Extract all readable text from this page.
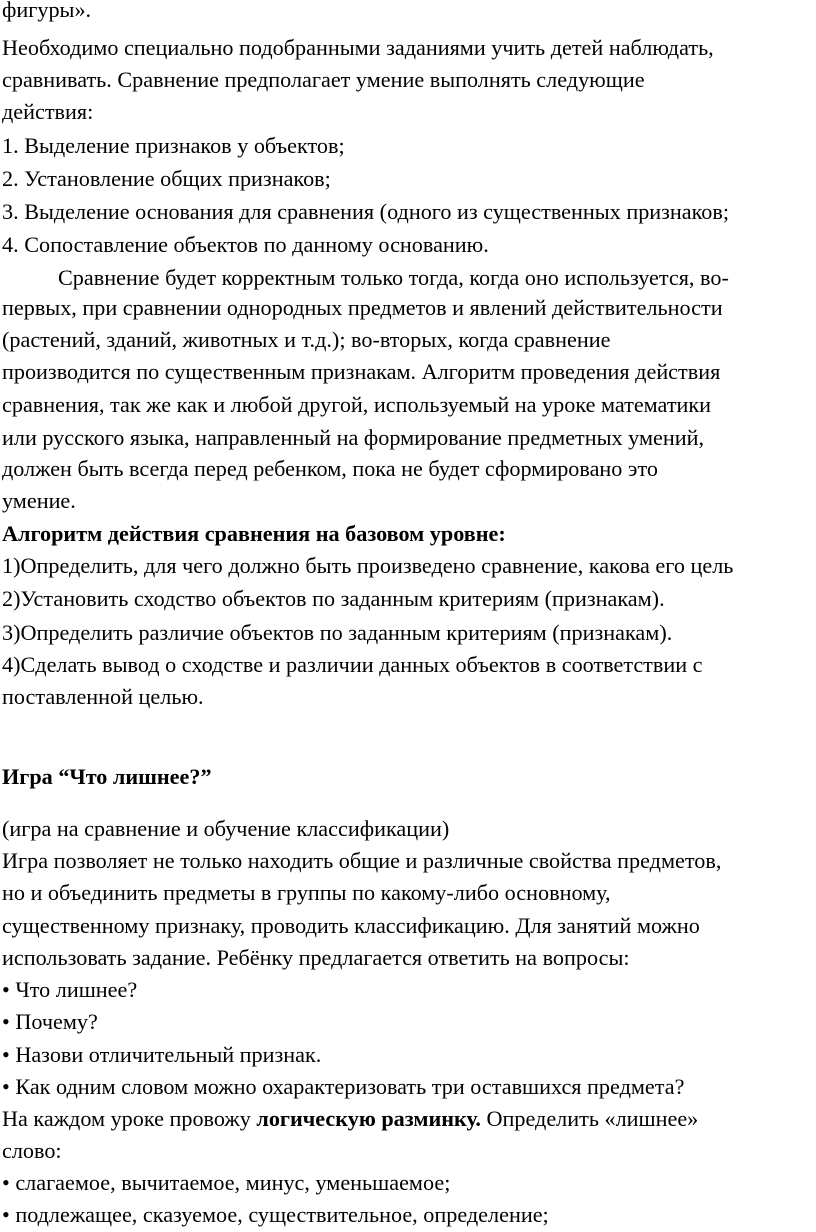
фигуры».
Необходимо специально подобранными заданиями учить детей наблюдать,
сравнивать. Сравнение предполагает умение выполнять следующие
действия:
1. Выделение признаков у объектов;
2. Установление общих признаков;
3. Выделение основания для сравнения (одного из существенных признаков;
4. Сопоставление объектов по данному основанию.
Сравнение будет корректным только тогда, когда оно используется, во-
первых, при сравнении однородных предметов и явлений действительности
(растений, зданий, животных и т.д.); во-вторых, когда сравнение
производится по существенным признакам. Алгоритм проведения действия
сравнения, так же как и любой другой, используемый на уроке математики
или русского языка, направленный на формирование предметных умений,
должен быть всегда перед ребенком, пока не будет сформировано это
умение.
Алгоритм действия сравнения на базовом уровне:
1)Определить, для чего должно быть произведено сравнение, какова его цель
2)Установить сходство объектов по заданным критериям (признакам).
3)Определить различие объектов по заданным критериям (признакам).
4)Сделать вывод о сходстве и различии данных объектов в соответствии с
поставленной целью.
Игра “Что лишнее?”
(игра на сравнение и обучение классификации)
Игра позволяет не только находить общие и различные свойства предметов,
но и объединить предметы в группы по какому-либо основному,
существенному признаку, проводить классификацию. Для занятий можно
использовать задание. Ребёнку предлагается ответить на вопросы:
• Что лишнее?
• Почему?
• Назови отличительный признак.
• Как одним словом можно охарактеризовать три оставшихся предмета?
На каждом уроке провожу логическую разминку. Определить «лишнее»
слово:
• слагаемое, вычитаемое, минус, уменьшаемое;
• подлежащее, сказуемое, существительное, определение;
